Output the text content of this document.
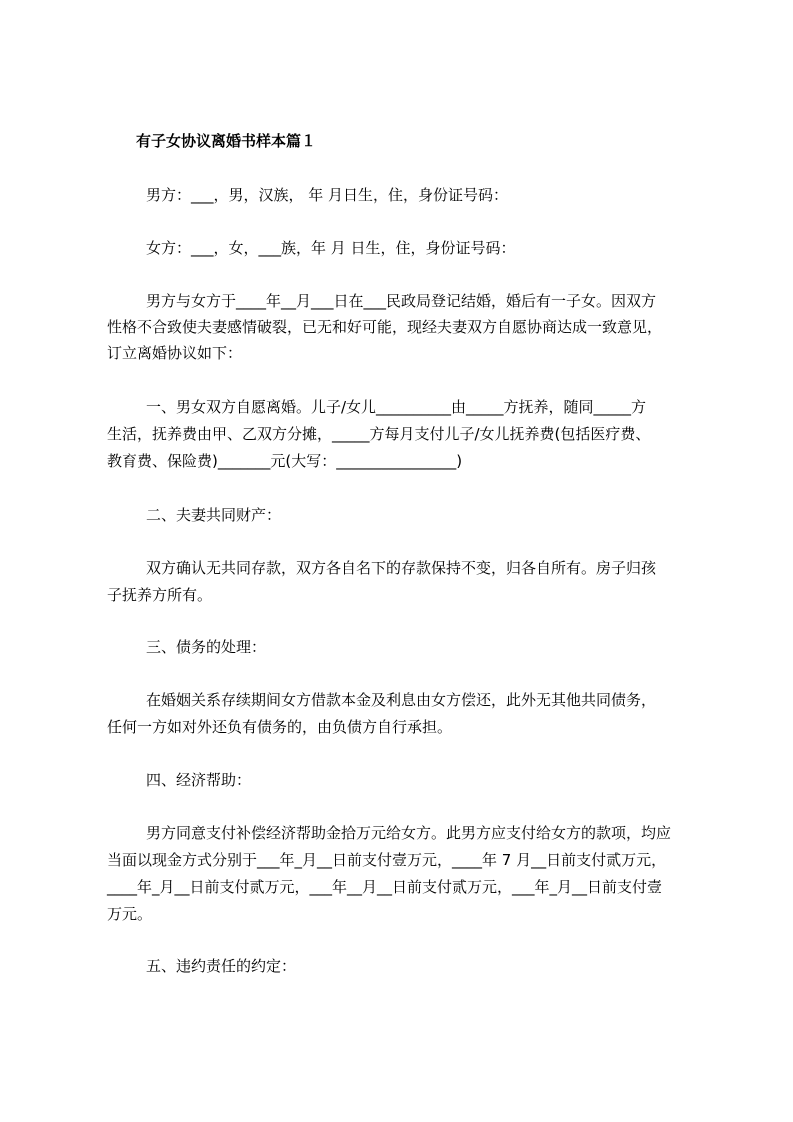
有子女协议离婚书样本篇１
男方：___，男，汉族， 年 月日生，住，身份证号码：
女方：___，女，___族，年 月 日生，住，身份证号码：
男方与女方于____年__月___日在___民政局登记结婚，婚后有一子女。因双方
性格不合致使夫妻感情破裂，已无和好可能，现经夫妻双方自愿协商达成一致意见，
订立离婚协议如下：
一、男女双方自愿离婚。儿子/女儿__________由_____方抚养，随同_____方
生活，抚养费由甲、乙双方分摊，_____方每月支付儿子/女儿抚养费(包括医疗费、
教育费、保险费)_______元(大写：________________)
二、夫妻共同财产：
双方确认无共同存款，双方各自名下的存款保持不变，归各自所有。房子归孩
子抚养方所有。
三、债务的处理：
在婚姻关系存续期间女方借款本金及利息由女方偿还，此外无其他共同债务，
任何一方如对外还负有债务的，由负债方自行承担。
四、经济帮助：
男方同意支付补偿经济帮助金拾万元给女方。此男方应支付给女方的款项，均应
当面以现金方式分别于___年_月__日前支付壹万元，____年 7 月__日前支付贰万元，
____年_月__日前支付贰万元，___年__月__日前支付贰万元，___年_月__日前支付壹
万元。
五、违约责任的约定：
